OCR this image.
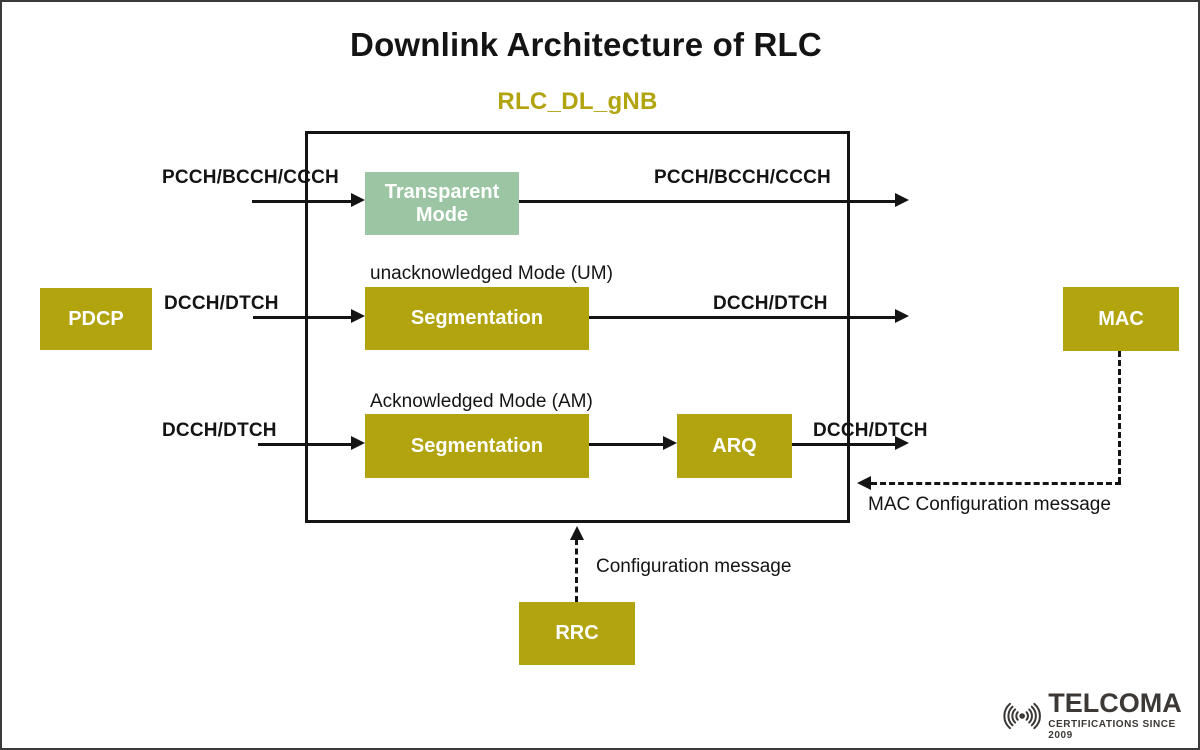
Downlink Architecture of RLC
RLC_DL_gNB
PCCH/BCCH/CCCH
Transparent Mode
PCCH/BCCH/CCCH
PDCP
DCCH/DTCH
unacknowledged Mode (UM)
Segmentation
DCCH/DTCH
DCCH/DTCH
Acknowledged Mode (AM)
Segmentation	ARQ
DCCH/DTCH
MAC
MAC Configuration message
Configuration message
RRC
TELCOMA
CERTIFICATIONS SINCE 2009
